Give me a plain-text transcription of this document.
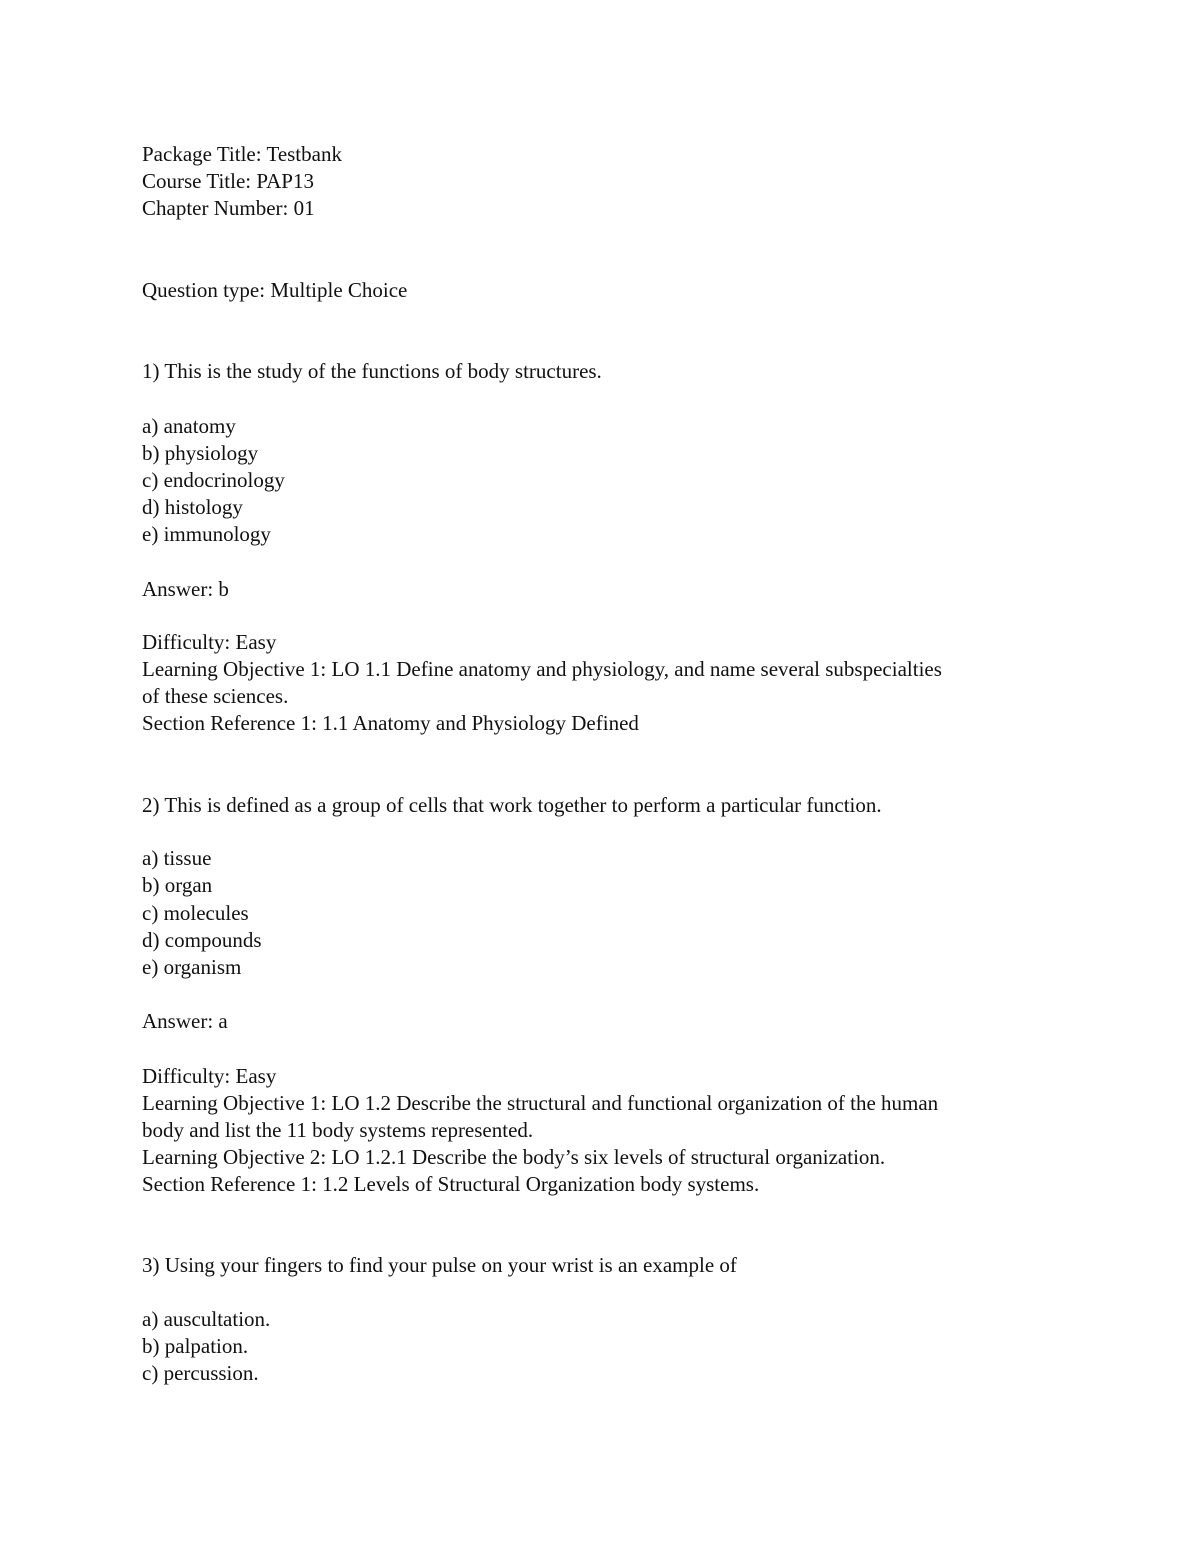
Package Title: Testbank
Course Title: PAP13
Chapter Number: 01
Question type: Multiple Choice
1) This is the study of the functions of body structures.
a) anatomy
b) physiology
c) endocrinology
d) histology
e) immunology
Answer: b
Difficulty: Easy
Learning Objective 1: LO 1.1 Define anatomy and physiology, and name several subspecialties
of these sciences.
Section Reference 1: 1.1 Anatomy and Physiology Defined
2) This is defined as a group of cells that work together to perform a particular function.
a) tissue
b) organ
c) molecules
d) compounds
e) organism
Answer: a
Difficulty: Easy
Learning Objective 1: LO 1.2 Describe the structural and functional organization of the human
body and list the 11 body systems represented.
Learning Objective 2: LO 1.2.1 Describe the body’s six levels of structural organization.
Section Reference 1: 1.2 Levels of Structural Organization body systems.
3) Using your fingers to find your pulse on your wrist is an example of
a) auscultation.
b) palpation.
c) percussion.
